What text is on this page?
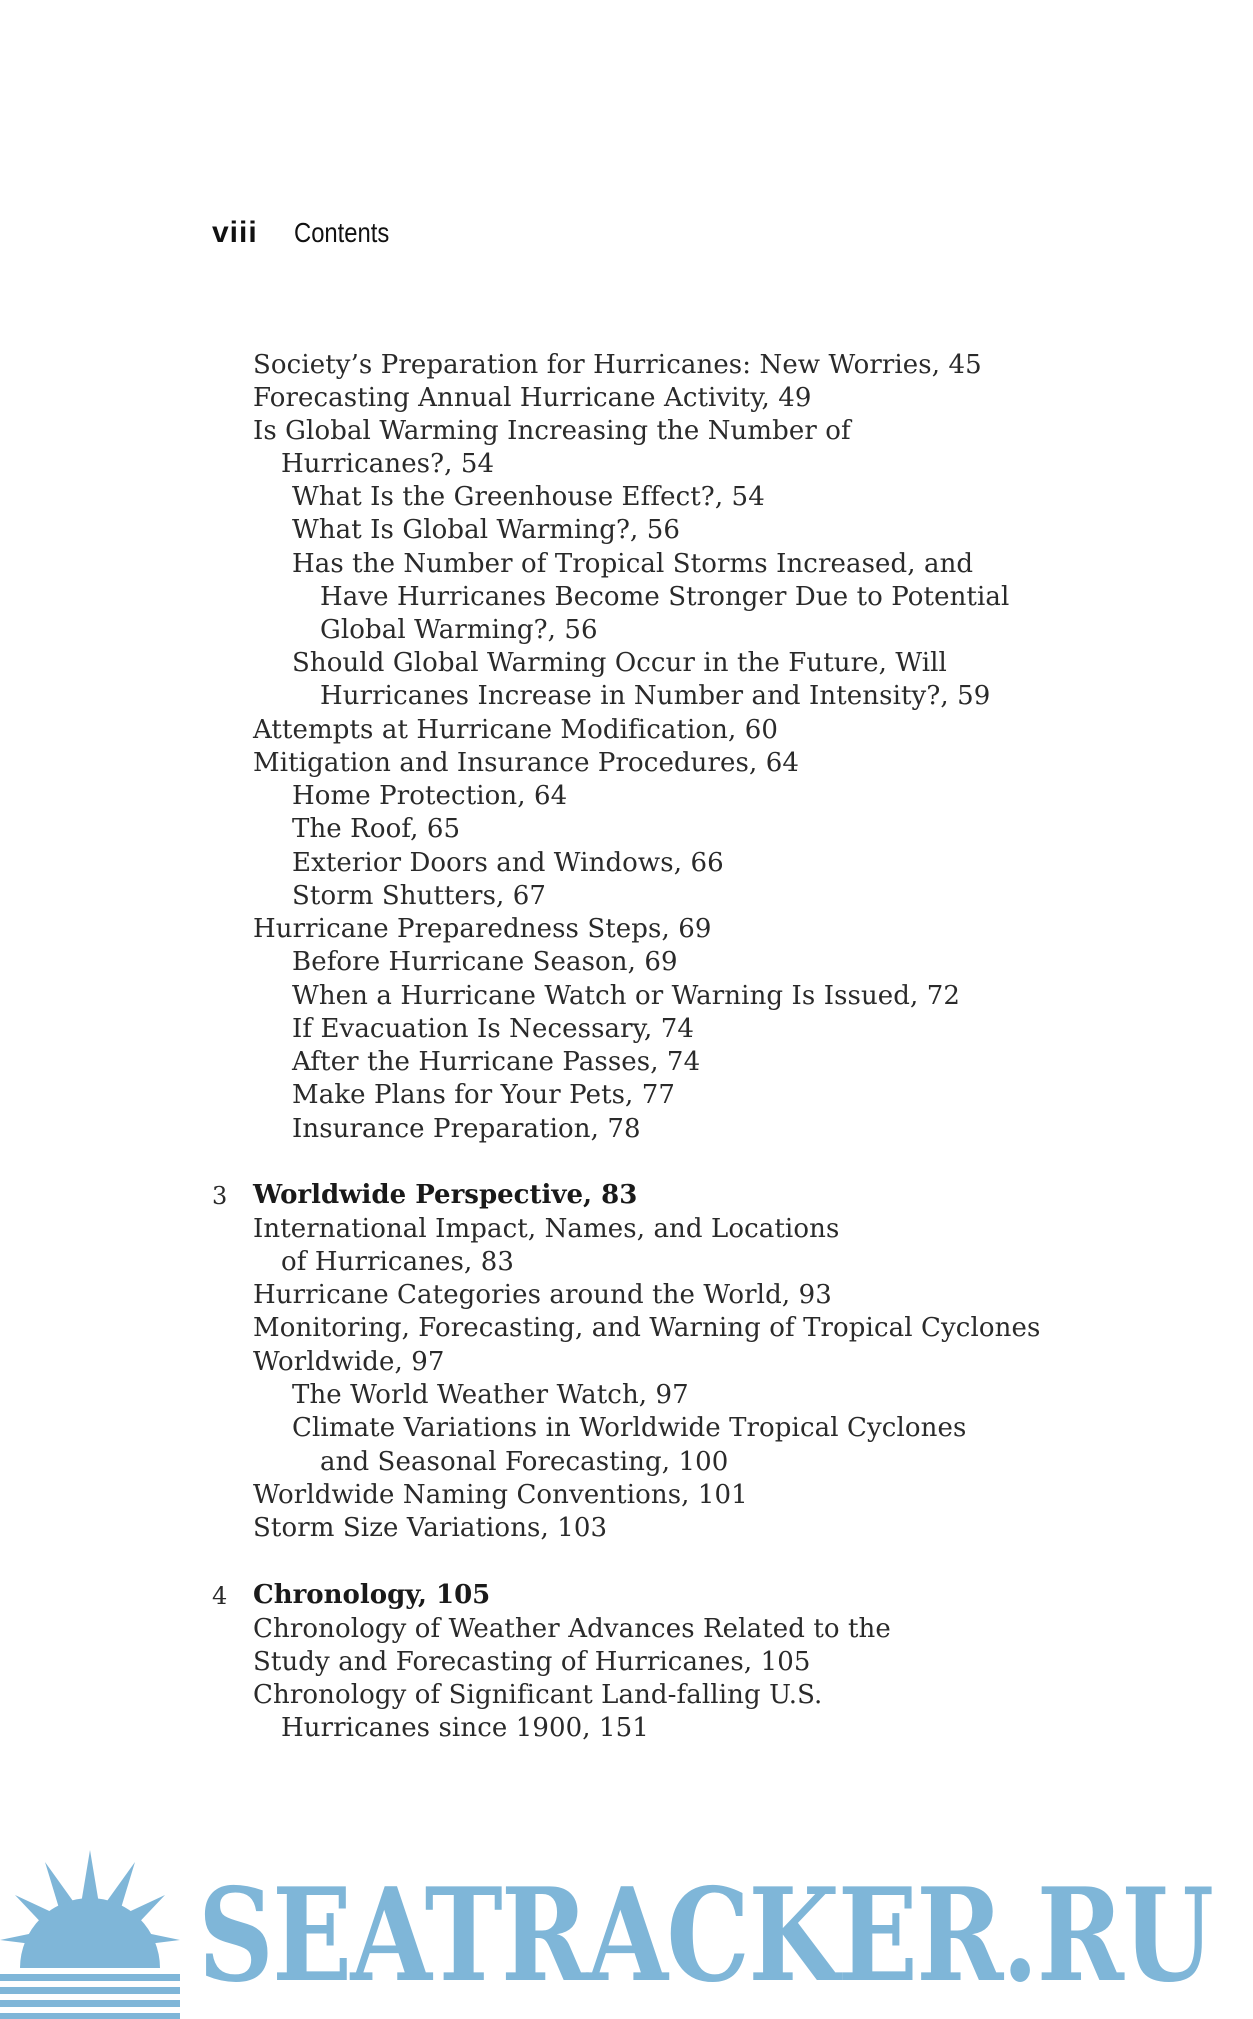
viii Contents
Society’s Preparation for Hurricanes: New Worries, 45
Forecasting Annual Hurricane Activity, 49
Is Global Warming Increasing the Number of
Hurricanes?, 54
What Is the Greenhouse Effect?, 54
What Is Global Warming?, 56
Has the Number of Tropical Storms Increased, and
Have Hurricanes Become Stronger Due to Potential
Global Warming?, 56
Should Global Warming Occur in the Future, Will
Hurricanes Increase in Number and Intensity?, 59
Attempts at Hurricane Modification, 60
Mitigation and Insurance Procedures, 64
Home Protection, 64
The Roof, 65
Exterior Doors and Windows, 66
Storm Shutters, 67
Hurricane Preparedness Steps, 69
Before Hurricane Season, 69
When a Hurricane Watch or Warning Is Issued, 72
If Evacuation Is Necessary, 74
After the Hurricane Passes, 74
Make Plans for Your Pets, 77
Insurance Preparation, 78
3 Worldwide Perspective, 83
International Impact, Names, and Locations
of Hurricanes, 83
Hurricane Categories around the World, 93
Monitoring, Forecasting, and Warning of Tropical Cyclones
Worldwide, 97
The World Weather Watch, 97
Climate Variations in Worldwide Tropical Cyclones
and Seasonal Forecasting, 100
Worldwide Naming Conventions, 101
Storm Size Variations, 103
4 Chronology, 105
Chronology of Weather Advances Related to the
Study and Forecasting of Hurricanes, 105
Chronology of Significant Land-falling U.S.
Hurricanes since 1900, 151
SEATRACKER.RU
